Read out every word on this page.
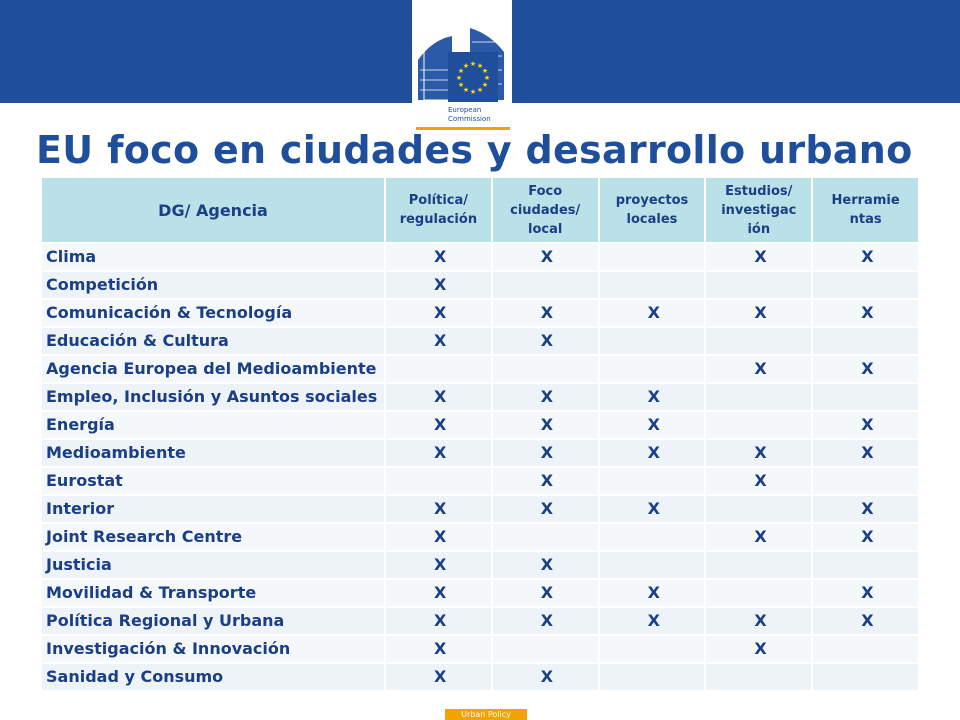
★ ★
★
★
★
★
★
★
★
★
★
★
European
Commission
EU foco en ciudades y desarrollo urbano
DG/ Agencia	Política/ regulación	Foco ciudades/ local	proyectos locales	Estudios/ investigac ión	Herramie ntas
Clima	X	X		X	X
Competición	X				
Comunicación & Tecnología	X	X	X	X	X
Educación & Cultura	X	X			
Agencia Europea del Medioambiente				X	X
Empleo, Inclusión y Asuntos sociales	X	X	X		
Energía	X	X	X		X
Medioambiente	X	X	X	X	X
Eurostat		X		X	
Interior	X	X	X		X
Joint Research Centre	X			X	X
Justicia	X	X			
Movilidad & Transporte	X	X	X		X
Política Regional y Urbana	X	X	X	X	X
Investigación & Innovación	X			X	
Sanidad y Consumo	X	X			
Urban Policy
